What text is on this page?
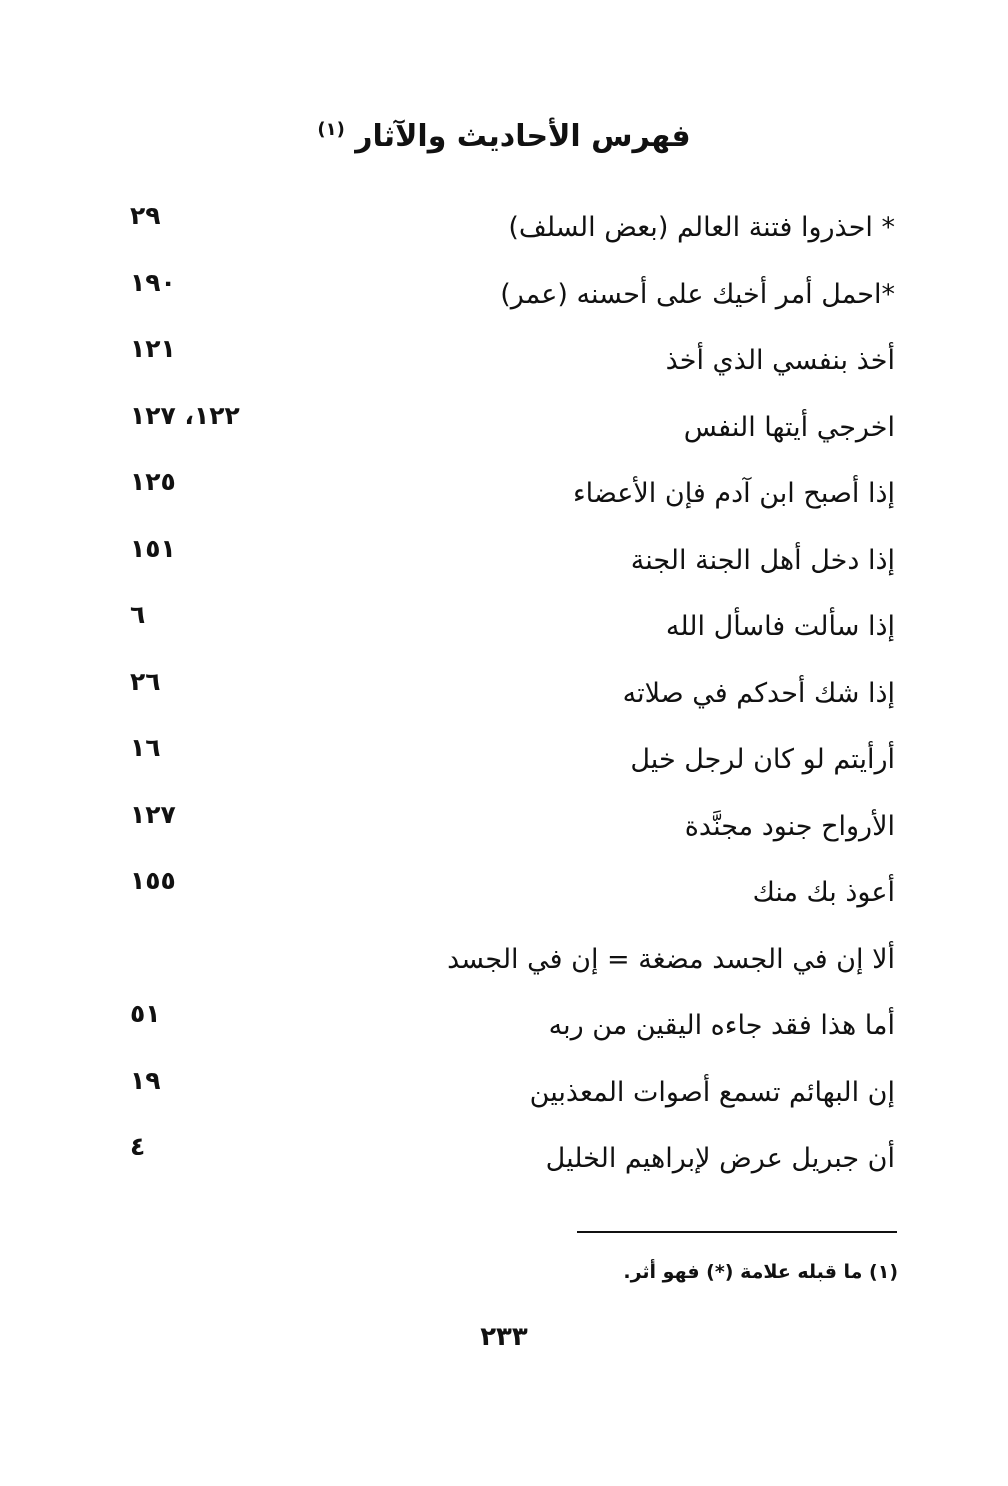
فهرس الأحاديث والآثار $^{(١)}$
* احذروا فتنة العالم (بعض السلف)
٢٩
*احمل أمر أخيك على أحسنه (عمر)
١٩٠
أخذ بنفسي الذي أخذ
١٢١
اخرجي أيتها النفس
١٢٢، ١٢٧
إذا أصبح ابن آدم فإن الأعضاء
١٢٥
إذا دخل أهل الجنة الجنة
١٥١
إذا سألت فاسأل الله
٦
إذا شك أحدكم في صلاته
٢٦
أرأيتم لو كان لرجل خيل
١٦
الأرواح جنود مجنَّدة
١٢٧
أعوذ بك منك
١٥٥
ألا إن في الجسد مضغة = إن في الجسد
أما هذا فقد جاءه اليقين من ربه
٥١
إن البهائم تسمع أصوات المعذبين
١٩
أن جبريل عرض لإبراهيم الخليل
٤
(١) ما قبله علامة (*) فهو أثر.
٢٣٣
